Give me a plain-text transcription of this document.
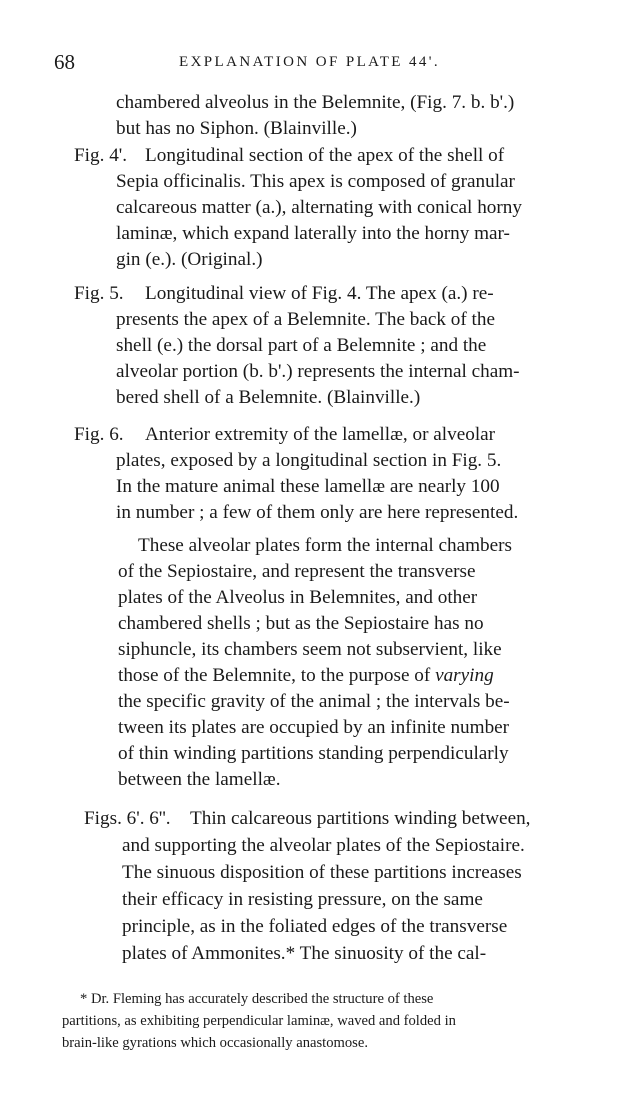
68	EXPLANATION OF PLATE 44'.
chambered alveolus in the Belemnite, (Fig. 7. b. b'.)
but has no Siphon. (Blainville.)
Fig. 4'. Longitudinal section of the apex of the shell of
Sepia officinalis. This apex is composed of granular
calcareous matter (a.), alternating with conical horny
laminæ, which expand laterally into the horny mar-
gin (e.). (Original.)
Fig. 5. Longitudinal view of Fig. 4. The apex (a.) re-
presents the apex of a Belemnite. The back of the
shell (e.) the dorsal part of a Belemnite ; and the
alveolar portion (b. b'.) represents the internal cham-
bered shell of a Belemnite. (Blainville.)
Fig. 6. Anterior extremity of the lamellæ, or alveolar
plates, exposed by a longitudinal section in Fig. 5.
In the mature animal these lamellæ are nearly 100
in number ; a few of them only are here represented.
These alveolar plates form the internal chambers
of the Sepiostaire, and represent the transverse
plates of the Alveolus in Belemnites, and other
chambered shells ; but as the Sepiostaire has no
siphuncle, its chambers seem not subservient, like
those of the Belemnite, to the purpose of varying
the specific gravity of the animal ; the intervals be-
tween its plates are occupied by an infinite number
of thin winding partitions standing perpendicularly
between the lamellæ.
Figs. 6'. 6''. Thin calcareous partitions winding between,
and supporting the alveolar plates of the Sepiostaire.
The sinuous disposition of these partitions increases
their efficacy in resisting pressure, on the same
principle, as in the foliated edges of the transverse
plates of Ammonites.* The sinuosity of the cal-
* Dr. Fleming has accurately described the structure of these
partitions, as exhibiting perpendicular laminæ, waved and folded in
brain-like gyrations which occasionally anastomose.
